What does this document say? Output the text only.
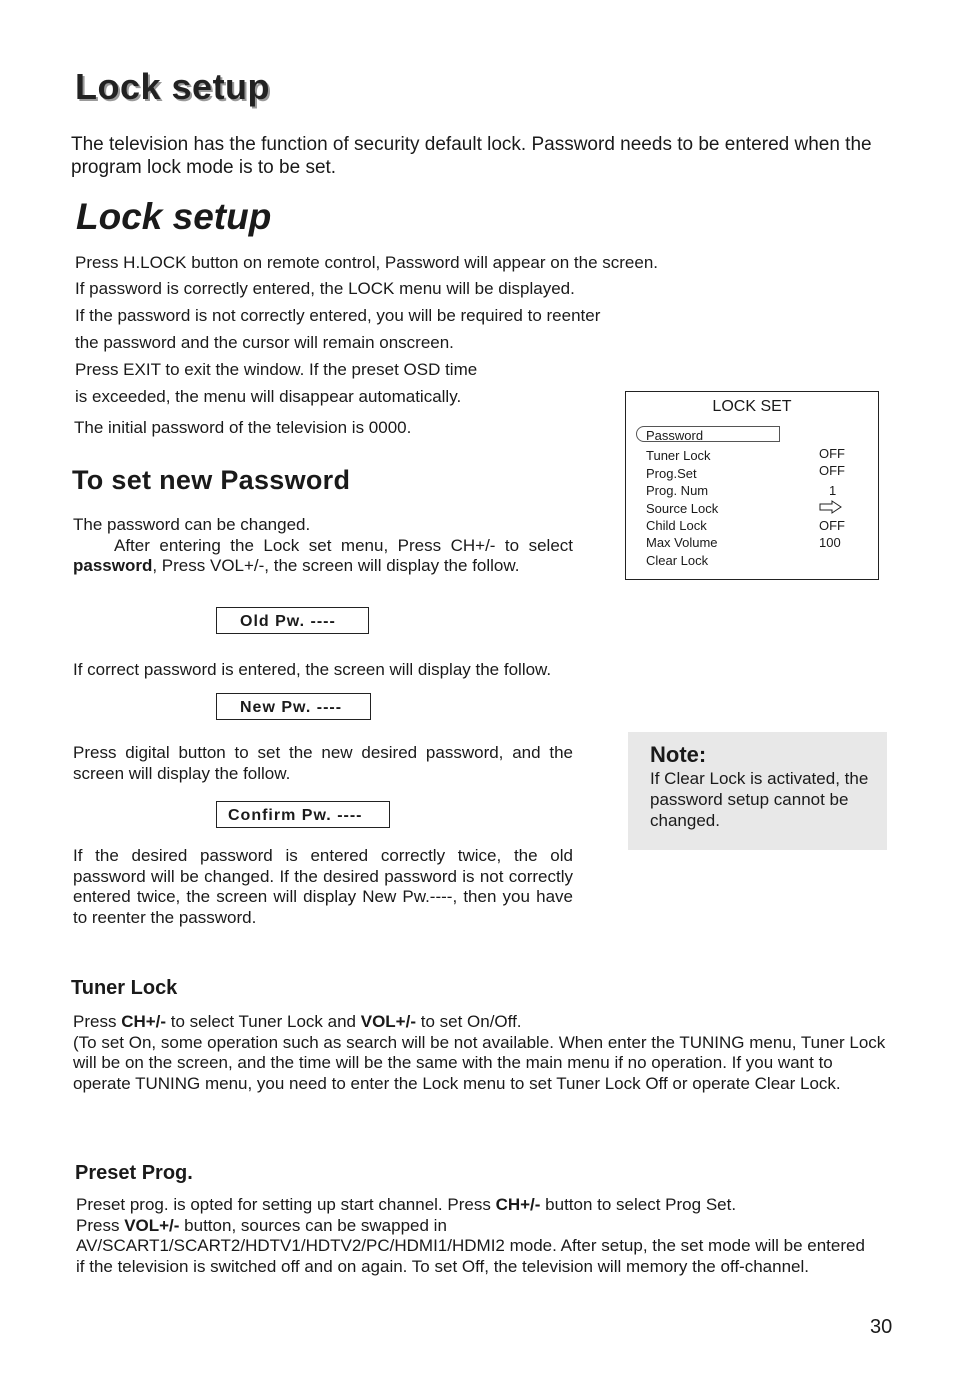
Lock setup
The television has the function of security default lock. Password needs to be entered when the program lock mode is to be set.
Lock setup
Press H.LOCK button on remote control, Password will appear on the screen.
If password is correctly entered, the LOCK menu will be displayed.
If the password is not correctly entered, you will be required to reenter
the password and the cursor will remain onscreen.
Press EXIT to exit the window. If the preset OSD time
is exceeded, the menu will disappear automatically.
The initial password of the television is 0000.
To set new Password
The password can be changed.
After entering the Lock set menu, Press CH+/- to select password, Press VOL+/-, the screen will display the follow.
Old Pw. ----
If correct password is entered, the screen will display the follow.
New Pw. ----
Press digital button to set the new desired password, and the screen will display the follow.
Confirm Pw. ----
If the desired password is entered correctly twice, the old password will be changed. If the desired password is not correctly entered twice, the screen will display New Pw.----, then you have to reenter the password.
LOCK SET
Password
Tuner Lock	OFF
Prog.Set	OFF
Prog. Num	1
Source Lock
Child Lock	OFF
Max Volume	100
Clear Lock
Note:
If Clear Lock is activated, the password setup cannot be changed.
Tuner Lock
Press CH+/- to select Tuner Lock and VOL+/- to set On/Off.
(To set On, some operation such as search will be not available. When enter the TUNING menu, Tuner Lock will be on the screen, and the time will be the same with the main menu if no operation. If you want to operate TUNING menu, you need to enter the Lock menu to set Tuner Lock Off or operate Clear Lock.
Preset Prog.
Preset prog. is opted for setting up start channel. Press CH+/- button to select Prog Set.
Press VOL+/- button, sources can be swapped in
AV/SCART1/SCART2/HDTV1/HDTV2/PC/HDMI1/HDMI2 mode. After setup, the set mode will be entered if the television is switched off and on again. To set Off, the television will memory the off-channel.
30
